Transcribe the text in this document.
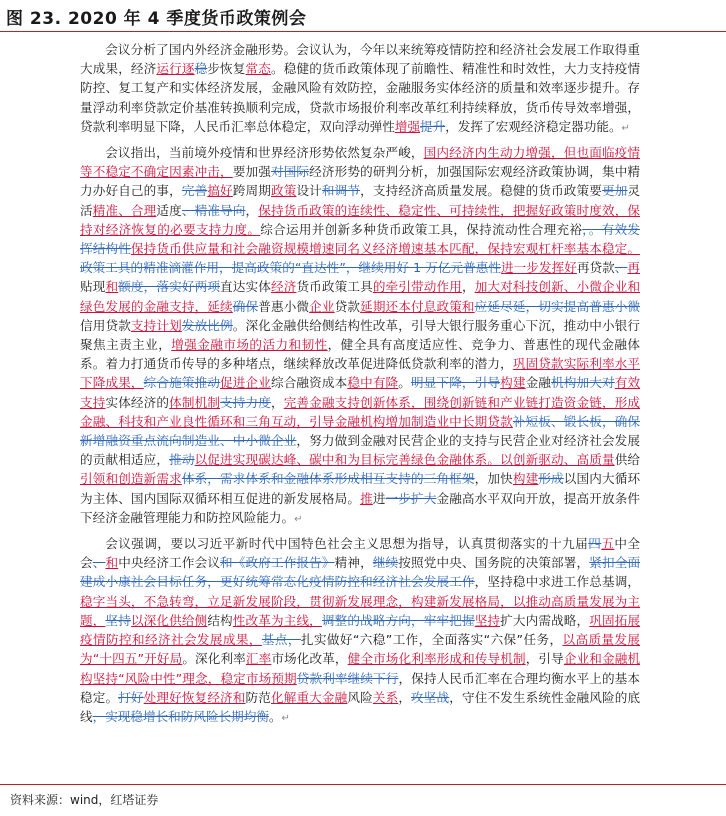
图 23. 2020 年 4 季度货币政策例会

会议分析了国内外经济金融形势。会议认为，今年以来统筹疫情防控和经济社会发展工作取得重大成果，经济运行逐稳步恢复常态。稳健的货币政策体现了前瞻性、精准性和时效性，大力支持疫情防控、复工复产和实体经济发展，金融风险有效防控，金融服务实体经济的质量和效率逐步提升。存量浮动利率贷款定价基准转换顺利完成，贷款市场报价利率改革红利持续释放，货币传导效率增强，贷款利率明显下降，人民币汇率总体稳定，双向浮动弹性增强提升，发挥了宏观经济稳定器功能。↵

会议指出，当前境外疫情和世界经济形势依然复杂严峻，国内经济内生动力增强，但也面临疫情等不稳定不确定因素冲击，要加强对国际经济形势的研判分析，加强国际宏观经济政策协调，集中精力办好自己的事，完善搞好跨周期政策设计和调节，支持经济高质量发展。稳健的货币政策要更加灵活精准、合理适度、精准导向，保持货币政策的连续性、稳定性、可持续性，把握好政策时度效，保持对经济恢复的必要支持力度。综合运用并创新多种货币政策工具，保持流动性合理充裕，。有效发挥结构性保持货币供应量和社会融资规模增速同名义经济增速基本匹配，保持宏观杠杆率基本稳定。政策工具的精准滴灌作用，提高政策的“直达性”，继续用好 1 万亿元普惠性进一步发挥好再贷款、再贴现和额度，落实好两项直达实体经济货币政策工具的牵引带动作用，加大对科技创新、小微企业和绿色发展的金融支持，延续确保普惠小微企业贷款延期还本付息政策和应延尽延，切实提高普惠小微信用贷款支持计划发放比例。深化金融供给侧结构性改革，引导大银行服务重心下沉，推动中小银行聚焦主责主业，增强金融市场的活力和韧性，健全具有高度适应性、竞争力、普惠性的现代金融体系。着力打通货币传导的多种堵点，继续释放改革促进降低贷款利率的潜力，巩固贷款实际利率水平下降成果，综合施策推动促进企业综合融资成本稳中有降。明显下降，引导构建金融机构加大对有效支持实体经济的体制机制支持力度，完善金融支持创新体系，围绕创新链和产业链打造资金链，形成金融、科技和产业良性循环和三角互动，引导金融机构增加制造业中长期贷款补短板、锻长板，确保新增融资重点流向制造业、中小微企业，努力做到金融对民营企业的支持与民营企业对经济社会发展的贡献相适应，推动以促进实现碳达峰、碳中和为目标完善绿色金融体系。以创新驱动、高质量供给引领和创造新需求体系，需求体系和金融体系形成相互支持的三角框架，加快构建形成以国内大循环为主体、国内国际双循环相互促进的新发展格局。推进一步扩大金融高水平双向开放，提高开放条件下经济金融管理能力和防控风险能力。↵

会议强调，要以习近平新时代中国特色社会主义思想为指导，认真贯彻落实的十九届四五中全会、和中央经济工作会议和《政府工作报告》精神，继续按照党中央、国务院的决策部署，紧扣全面建成小康社会目标任务，更好统筹常态化疫情防控和经济社会发展工作，坚持稳中求进工作总基调，稳字当头，不急转弯，立足新发展阶段，贯彻新发展理念，构建新发展格局，以推动高质量发展为主题，坚持以深化供给侧结构性改革为主线，调整的战略方向，牢牢把握坚持扩大内需战略，巩固拓展疫情防控和经济社会发展成果，基点，扎实做好“六稳”工作，全面落实“六保”任务，以高质量发展为“十四五”开好局。深化利率汇率市场化改革，健全市场化利率形成和传导机制，引导企业和金融机构坚持“风险中性”理念，稳定市场预期贷款利率继续下行，保持人民币汇率在合理均衡水平上的基本稳定。打好处理好恢复经济和防范化解重大金融风险关系，攻坚战，守住不发生系统性金融风险的底线，实现稳增长和防风险长期均衡。↵

资料来源：wind，红塔证券
